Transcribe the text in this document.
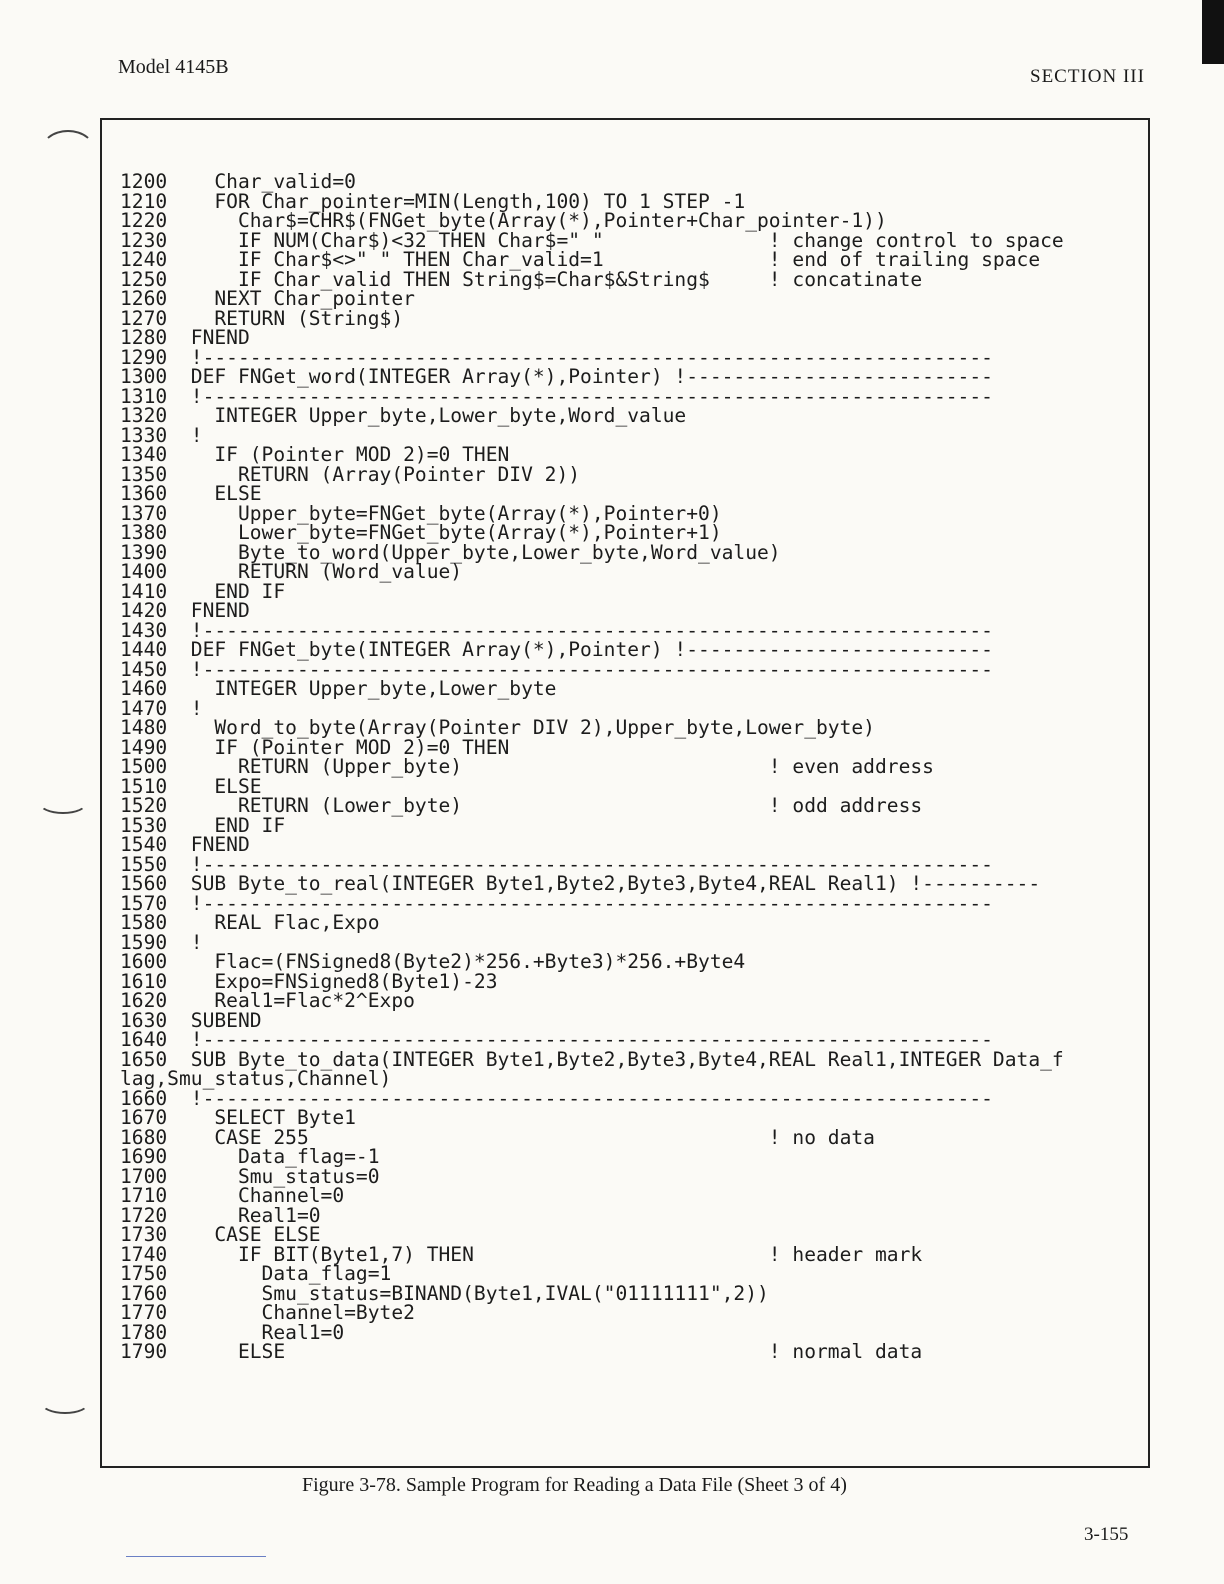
Model 4145B	SECTION III
1200    Char_valid=0
1210    FOR Char_pointer=MIN(Length,100) TO 1 STEP -1
1220      Char$=CHR$(FNGet_byte(Array(*),Pointer+Char_pointer-1))
1230      IF NUM(Char$)<32 THEN Char$=" "              ! change control to space
1240      IF Char$<>" " THEN Char_valid=1              ! end of trailing space
1250      IF Char_valid THEN String$=Char$&String$     ! concatinate
1260    NEXT Char_pointer
1270    RETURN (String$)
1280  FNEND
1290  !-------------------------------------------------------------------
1300  DEF FNGet_word(INTEGER Array(*),Pointer) !--------------------------
1310  !-------------------------------------------------------------------
1320    INTEGER Upper_byte,Lower_byte,Word_value
1330  !
1340    IF (Pointer MOD 2)=0 THEN
1350      RETURN (Array(Pointer DIV 2))
1360    ELSE
1370      Upper_byte=FNGet_byte(Array(*),Pointer+0)
1380      Lower_byte=FNGet_byte(Array(*),Pointer+1)
1390      Byte_to_word(Upper_byte,Lower_byte,Word_value)
1400      RETURN (Word_value)
1410    END IF
1420  FNEND
1430  !-------------------------------------------------------------------
1440  DEF FNGet_byte(INTEGER Array(*),Pointer) !--------------------------
1450  !-------------------------------------------------------------------
1460    INTEGER Upper_byte,Lower_byte
1470  !
1480    Word_to_byte(Array(Pointer DIV 2),Upper_byte,Lower_byte)
1490    IF (Pointer MOD 2)=0 THEN
1500      RETURN (Upper_byte)                          ! even address
1510    ELSE
1520      RETURN (Lower_byte)                          ! odd address
1530    END IF
1540  FNEND
1550  !-------------------------------------------------------------------
1560  SUB Byte_to_real(INTEGER Byte1,Byte2,Byte3,Byte4,REAL Real1) !----------
1570  !-------------------------------------------------------------------
1580    REAL Flac,Expo
1590  !
1600    Flac=(FNSigned8(Byte2)*256.+Byte3)*256.+Byte4
1610    Expo=FNSigned8(Byte1)-23
1620    Real1=Flac*2^Expo
1630  SUBEND
1640  !-------------------------------------------------------------------
1650  SUB Byte_to_data(INTEGER Byte1,Byte2,Byte3,Byte4,REAL Real1,INTEGER Data_f
lag,Smu_status,Channel)
1660  !-------------------------------------------------------------------
1670    SELECT Byte1
1680    CASE 255                                       ! no data
1690      Data_flag=-1
1700      Smu_status=0
1710      Channel=0
1720      Real1=0
1730    CASE ELSE
1740      IF BIT(Byte1,7) THEN                         ! header mark
1750        Data_flag=1
1760        Smu_status=BINAND(Byte1,IVAL("01111111",2))
1770        Channel=Byte2
1780        Real1=0
1790      ELSE                                         ! normal data
Figure 3-78. Sample Program for Reading a Data File (Sheet 3 of 4)
3-155
